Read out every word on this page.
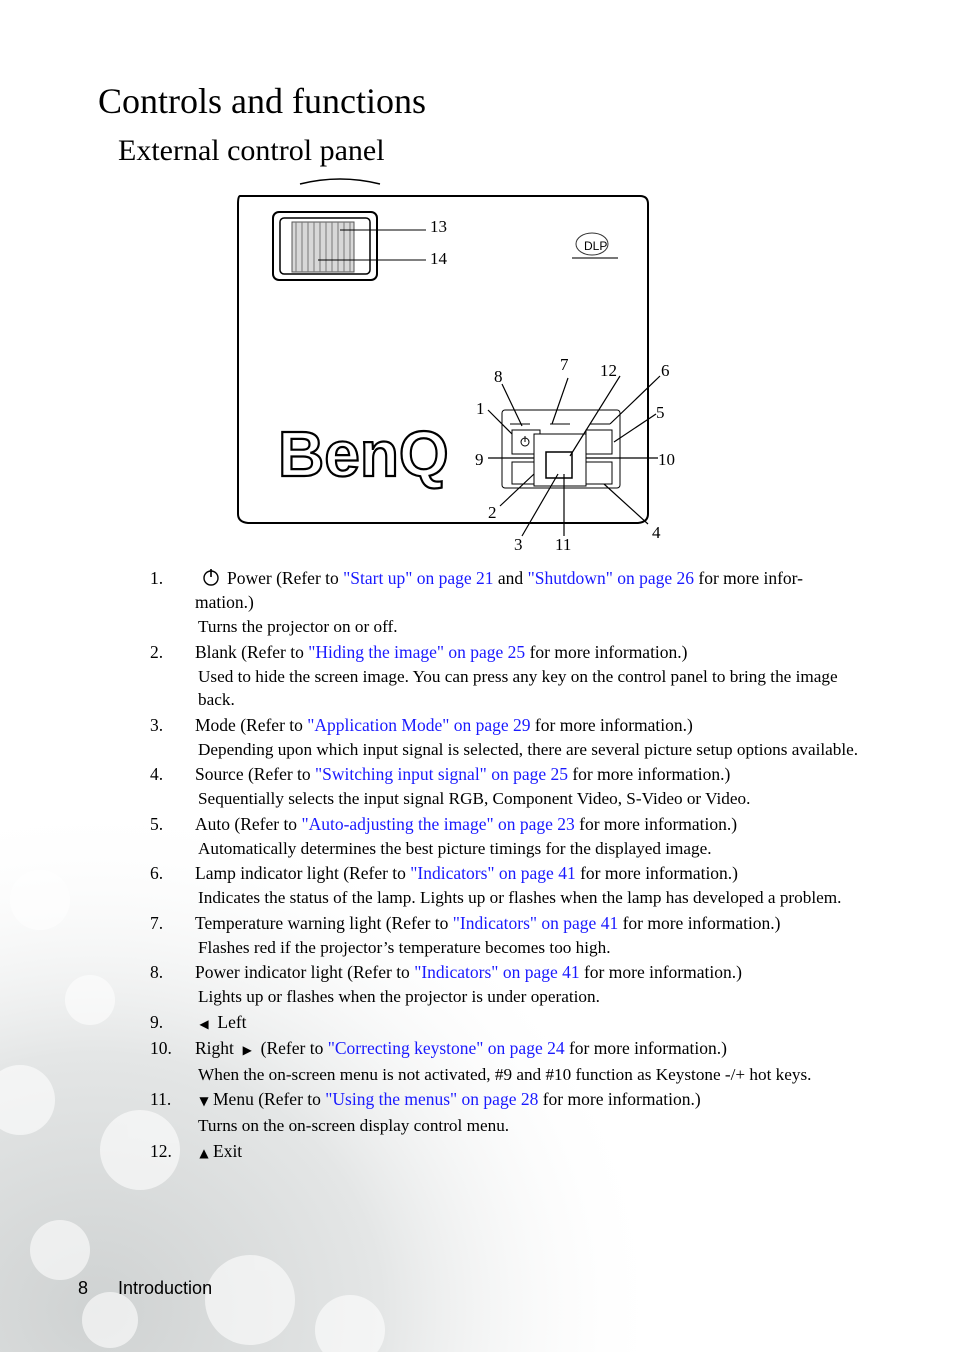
Controls and functions
External control panel
13
14
DLP
BenQ
7 12	6
8
1	5
9	10
2
4
3 11
1.	Power (Refer to "Start up" on page 21 and "Shutdown" on page 26 for more infor-
mation.)
Turns the projector on or off.
2.	Blank (Refer to "Hiding the image" on page 25 for more information.)
Used to hide the screen image. You can press any key on the control panel to bring the image back.
3.	Mode (Refer to "Application Mode" on page 29 for more information.)
Depending upon which input signal is selected, there are several picture setup options available.
4.	Source (Refer to "Switching input signal" on page 25 for more information.)
Sequentially selects the input signal RGB, Component Video, S-Video or Video.
5.	Auto (Refer to "Auto-adjusting the image" on page 23 for more information.)
Automatically determines the best picture timings for the displayed image.
6.	Lamp indicator light (Refer to "Indicators" on page 41 for more information.)
Indicates the status of the lamp. Lights up or flashes when the lamp has developed a problem.
7.	Temperature warning light (Refer to "Indicators" on page 41 for more information.)
Flashes red if the projector’s temperature becomes too high.
8.	Power indicator light (Refer to "Indicators" on page 41 for more information.)
Lights up or flashes when the projector is under operation.
9.	◀ Left
10.	Right ▶ (Refer to "Correcting keystone" on page 24 for more information.)
When the on-screen menu is not activated, #9 and #10 function as Keystone -/+ hot keys.
11.	▼ Menu (Refer to "Using the menus" on page 28 for more information.)
Turns on the on-screen display control menu.
12.	▲ Exit
8 Introduction
